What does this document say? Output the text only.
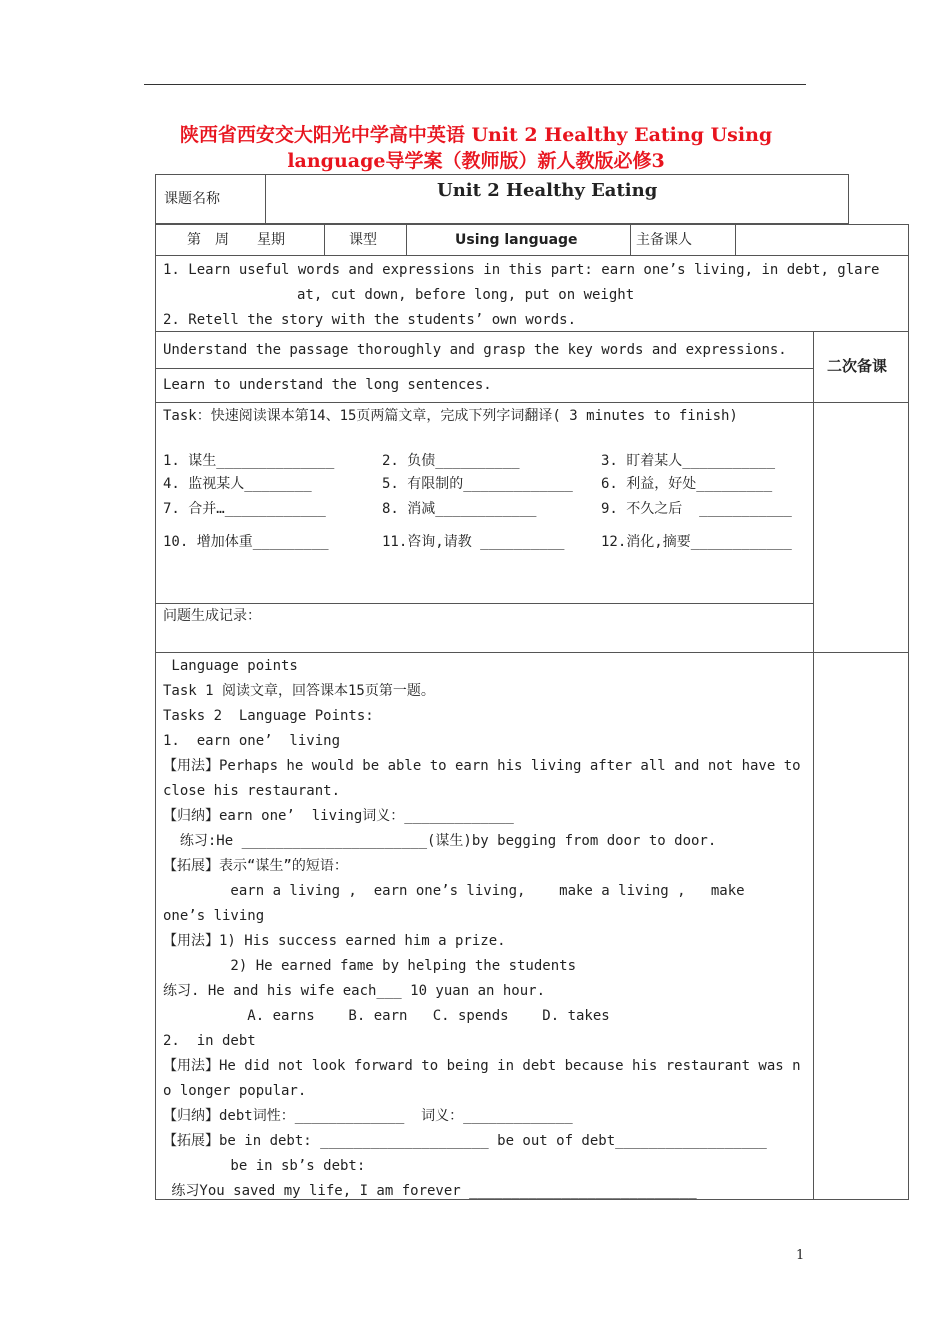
陕西省西安交大阳光中学高中英语 Unit 2 Healthy Eating Using
language导学案（教师版）新人教版必修3
课题名称	Unit 2 Healthy Eating
第　周　　星期	课型	Using language	主备课人
1. Learn useful words and expressions in this part: earn one’s living, in debt, glare
at, cut down, before long, put on weight
2. Retell the story with the students’ own words.
Understand the passage thoroughly and grasp the key words and expressions.
Learn to understand the long sentences.
二次备课
Task：快速阅读课本第14、15页两篇文章，完成下列字词翻译( 3 minutes to finish)
1. 谋生______________	2. 负债__________	3. 盯着某人___________
4. 监视某人________	5. 有限制的_____________ 6. 利益，好处_________
7. 合并…____________	8. 消减____________	9. 不久之后  ___________
10. 增加体重_________	11.咨询,请教 __________	12.消化,摘要____________
问题生成记录：
Language points
Task 1 阅读文章，回答课本15页第一题。
Tasks 2  Language Points:
1.  earn one’  living
【用法】Perhaps he would be able to earn his living after all and not have to
close his restaurant.
【归纳】earn one’  living词义：_____________
练习:He ______________________(谋生)by begging from door to door.
【拓展】表示“谋生”的短语：
earn a living ,  earn one’s living,    make a living ,   make
one’s living
【用法】1) His success earned him a prize.
2) He earned fame by helping the students
练习. He and his wife each___ 10 yuan an hour.
A. earns    B. earn   C. spends    D. takes
2.  in debt
【用法】He did not look forward to being in debt because his restaurant was n
o longer popular.
【归纳】debt词性：_____________  词义：_____________
【拓展】be in debt: ____________________ be out of debt__________________
be in sb’s debt:
练习You saved my life, I am forever ___________________________
1
